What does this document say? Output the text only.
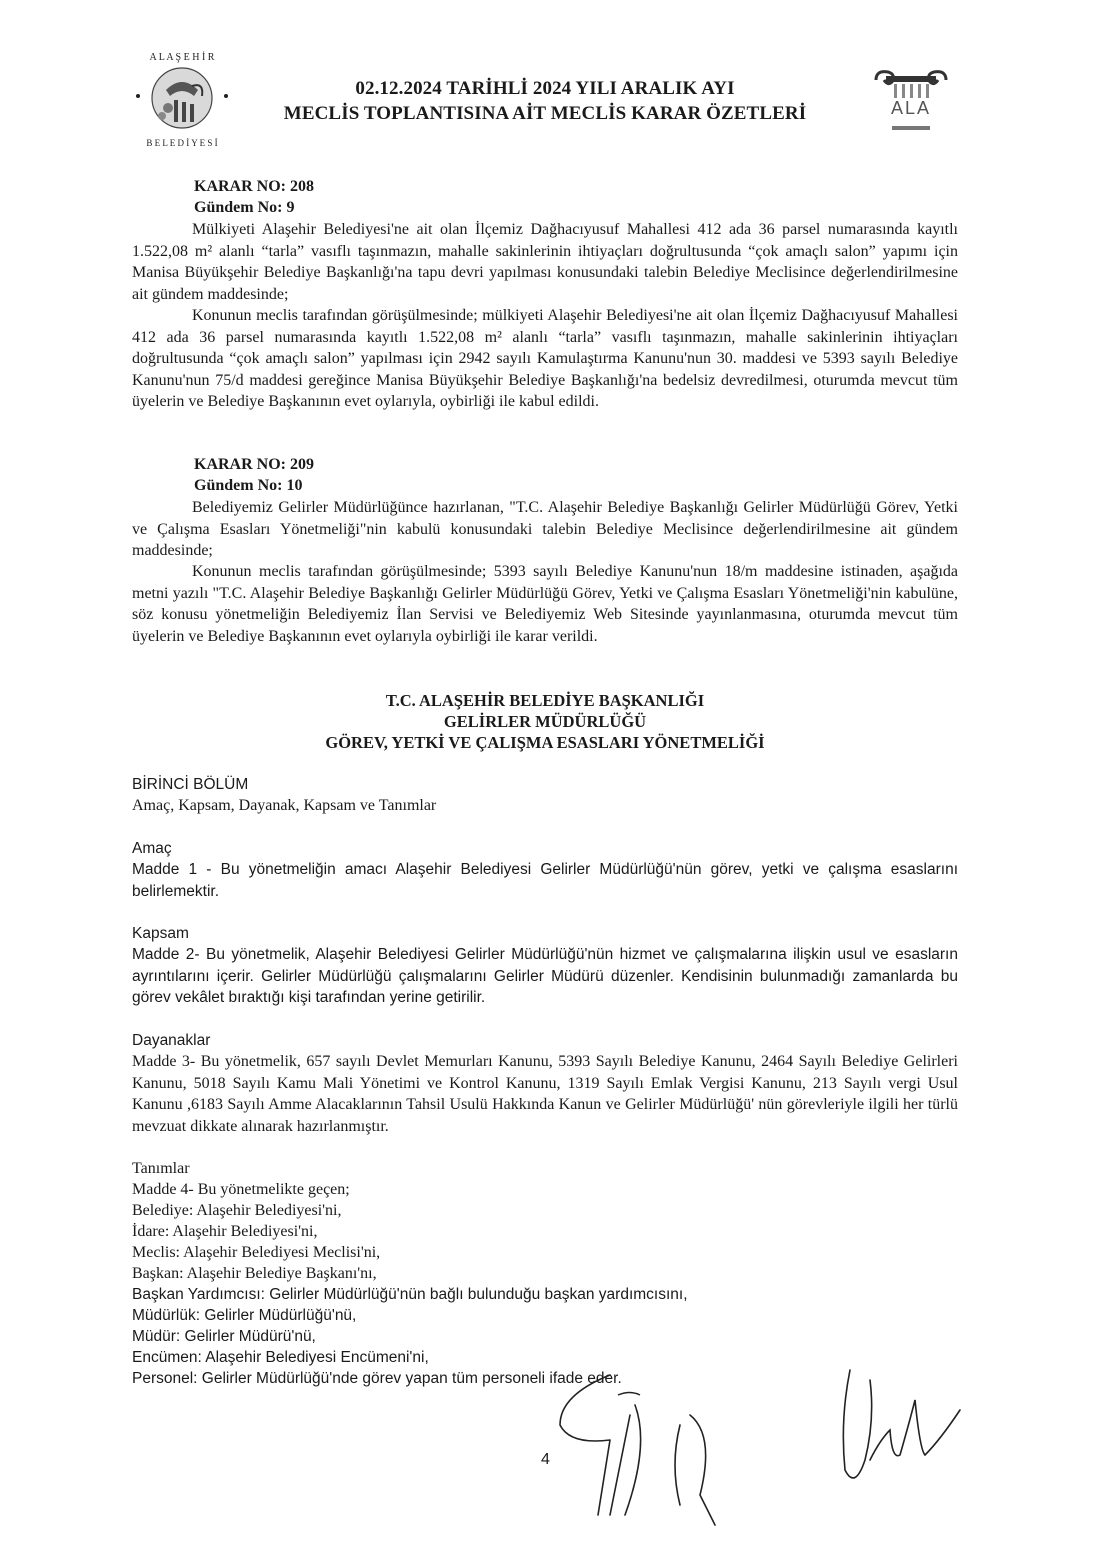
A L A Ş E H İ R
B E L E D İ Y E S İ
02.12.2024 TARİHLİ 2024 YILI ARALIK AYI
MECLİS TOPLANTISINA AİT MECLİS KARAR ÖZETLERİ	ALA
KARAR NO: 208
Gündem No: 9
Mülkiyeti Alaşehir Belediyesi'ne ait olan İlçemiz Dağhacıyusuf Mahallesi 412 ada 36 parsel numarasında kayıtlı 1.522,08 m² alanlı “tarla” vasıflı taşınmazın, mahalle sakinlerinin ihtiyaçları doğrultusunda “çok amaçlı salon” yapımı için Manisa Büyükşehir Belediye Başkanlığı'na tapu devri yapılması konusundaki talebin Belediye Meclisince değerlendirilmesine ait gündem maddesinde;
Konunun meclis tarafından görüşülmesinde; mülkiyeti Alaşehir Belediyesi'ne ait olan İlçemiz Dağhacıyusuf Mahallesi 412 ada 36 parsel numarasında kayıtlı 1.522,08 m² alanlı “tarla” vasıflı taşınmazın, mahalle sakinlerinin ihtiyaçları doğrultusunda “çok amaçlı salon” yapılması için 2942 sayılı Kamulaştırma Kanunu'nun 30. maddesi ve 5393 sayılı Belediye Kanunu'nun 75/d maddesi gereğince Manisa Büyükşehir Belediye Başkanlığı'na bedelsiz devredilmesi, oturumda mevcut tüm üyelerin ve Belediye Başkanının evet oylarıyla, oybirliği ile kabul edildi.
KARAR NO: 209
Gündem No: 10
Belediyemiz Gelirler Müdürlüğünce hazırlanan, "T.C. Alaşehir Belediye Başkanlığı Gelirler Müdürlüğü Görev, Yetki ve Çalışma Esasları Yönetmeliği"nin kabulü konusundaki talebin Belediye Meclisince değerlendirilmesine ait gündem maddesinde;
Konunun meclis tarafından görüşülmesinde; 5393 sayılı Belediye Kanunu'nun 18/m maddesine istinaden, aşağıda metni yazılı "T.C. Alaşehir Belediye Başkanlığı Gelirler Müdürlüğü Görev, Yetki ve Çalışma Esasları Yönetmeliği'nin kabulüne, söz konusu yönetmeliğin Belediyemiz İlan Servisi ve Belediyemiz Web Sitesinde yayınlanmasına, oturumda mevcut tüm üyelerin ve Belediye Başkanının evet oylarıyla oybirliği ile karar verildi.
T.C. ALAŞEHİR BELEDİYE BAŞKANLIĞI
GELİRLER MÜDÜRLÜĞÜ
GÖREV, YETKİ VE ÇALIŞMA ESASLARI YÖNETMELİĞİ
BİRİNCİ BÖLÜM
Amaç, Kapsam, Dayanak, Kapsam ve Tanımlar
Amaç
Madde 1 - Bu yönetmeliğin amacı Alaşehir Belediyesi Gelirler Müdürlüğü'nün görev, yetki ve çalışma esaslarını belirlemektir.
Kapsam
Madde 2- Bu yönetmelik, Alaşehir Belediyesi Gelirler Müdürlüğü'nün hizmet ve çalışmalarına ilişkin usul ve esasların ayrıntılarını içerir. Gelirler Müdürlüğü çalışmalarını Gelirler Müdürü düzenler. Kendisinin bulunmadığı zamanlarda bu görev vekâlet bıraktığı kişi tarafından yerine getirilir.
Dayanaklar
Madde 3- Bu yönetmelik, 657 sayılı Devlet Memurları Kanunu, 5393 Sayılı Belediye Kanunu, 2464 Sayılı Belediye Gelirleri Kanunu, 5018 Sayılı Kamu Mali Yönetimi ve Kontrol Kanunu, 1319 Sayılı Emlak Vergisi Kanunu, 213 Sayılı vergi Usul Kanunu ,6183 Sayılı Amme Alacaklarının Tahsil Usulü Hakkında Kanun ve Gelirler Müdürlüğü' nün görevleriyle ilgili her türlü mevzuat dikkate alınarak hazırlanmıştır.
Tanımlar
Madde 4- Bu yönetmelikte geçen;
Belediye: Alaşehir Belediyesi'ni,
İdare: Alaşehir Belediyesi'ni,
Meclis: Alaşehir Belediyesi Meclisi'ni,
Başkan: Alaşehir Belediye Başkanı'nı,
Başkan Yardımcısı: Gelirler Müdürlüğü'nün bağlı bulunduğu başkan yardımcısını,
Müdürlük: Gelirler Müdürlüğü'nü,
Müdür: Gelirler Müdürü'nü,
Encümen: Alaşehir Belediyesi Encümeni'ni,
Personel: Gelirler Müdürlüğü'nde görev yapan tüm personeli ifade eder.
4
